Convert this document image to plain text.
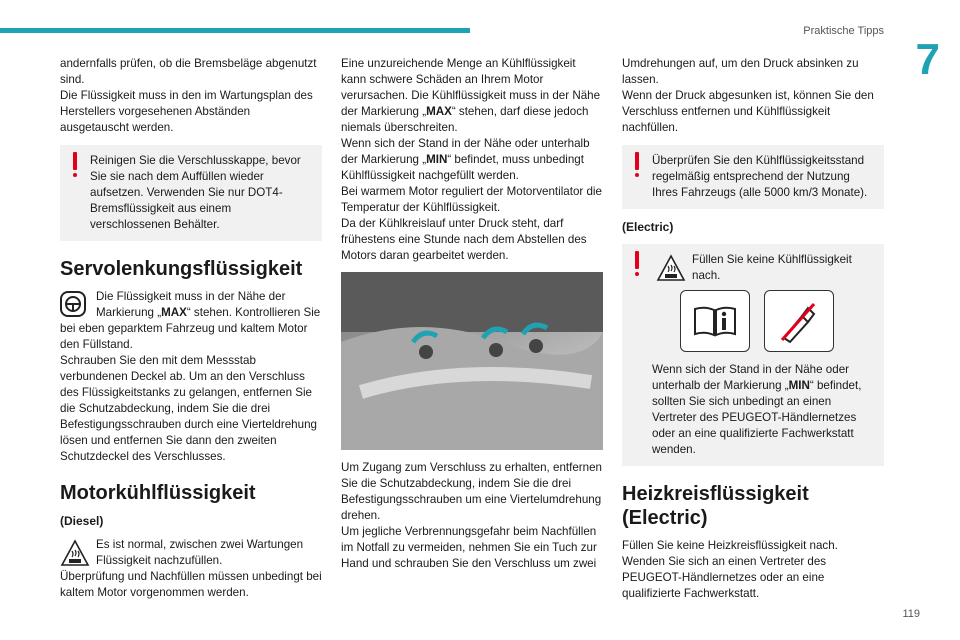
Praktische Tipps
7
119

andernfalls prüfen, ob die Bremsbeläge abgenutzt sind.

Die Flüssigkeit muss in den im Wartungsplan des Herstellers vorgesehenen Abständen ausgetauscht werden.

Reinigen Sie die Verschlusskappe, bevor Sie sie nach dem Auffüllen wieder aufsetzen. Verwenden Sie nur DOT4-Bremsflüssigkeit aus einem verschlossenen Behälter.

Servolenkungsflüssigkeit

Die Flüssigkeit muss in der Nähe der Markierung „MAX“ stehen. Kontrollieren Sie bei eben geparktem Fahrzeug und kaltem Motor den Füllstand.

Schrauben Sie den mit dem Messstab verbundenen Deckel ab. Um an den Verschluss des Flüssigkeitstanks zu gelangen, entfernen Sie die Schutzabdeckung, indem Sie die drei Befestigungsschrauben durch eine Vierteldrehung lösen und entfernen Sie dann den zweiten Schutzdeckel des Verschlusses.

Motorkühlflüssigkeit
(Diesel)

Es ist normal, zwischen zwei Wartungen Flüssigkeit nachzufüllen.

Überprüfung und Nachfüllen müssen unbedingt bei kaltem Motor vorgenommen werden.

Eine unzureichende Menge an Kühlflüssigkeit kann schwere Schäden an Ihrem Motor verursachen. Die Kühlflüssigkeit muss in der Nähe der Markierung „MAX“ stehen, darf diese jedoch niemals überschreiten.

Wenn sich der Stand in der Nähe oder unterhalb der Markierung „MIN“ befindet, muss unbedingt Kühlflüssigkeit nachgefüllt werden.

Bei warmem Motor reguliert der Motorventilator die Temperatur der Kühlflüssigkeit.

Da der Kühlkreislauf unter Druck steht, darf frühestens eine Stunde nach dem Abstellen des Motors daran gearbeitet werden.

Um Zugang zum Verschluss zu erhalten, entfernen Sie die Schutzabdeckung, indem Sie die drei Befestigungsschrauben um eine Viertelumdrehung drehen.

Um jegliche Verbrennungsgefahr beim Nachfüllen im Notfall zu vermeiden, nehmen Sie ein Tuch zur Hand und schrauben Sie den Verschluss um zwei

Umdrehungen auf, um den Druck absinken zu lassen.

Wenn der Druck abgesunken ist, können Sie den Verschluss entfernen und Kühlflüssigkeit nachfüllen.

Überprüfen Sie den Kühlflüssigkeitsstand regelmäßig entsprechend der Nutzung Ihres Fahrzeugs (alle 5000 km/3 Monate).

(Electric)

Füllen Sie keine Kühlflüssigkeit nach.

Wenn sich der Stand in der Nähe oder unterhalb der Markierung „MIN“ befindet, sollten Sie sich unbedingt an einen Vertreter des PEUGEOT-Händlernetzes oder an eine qualifizierte Fachwerkstatt wenden.

Heizkreisflüssigkeit (Electric)

Füllen Sie keine Heizkreisflüssigkeit nach.

Wenden Sie sich an einen Vertreter des PEUGEOT-Händlernetzes oder an eine qualifizierte Fachwerkstatt.
